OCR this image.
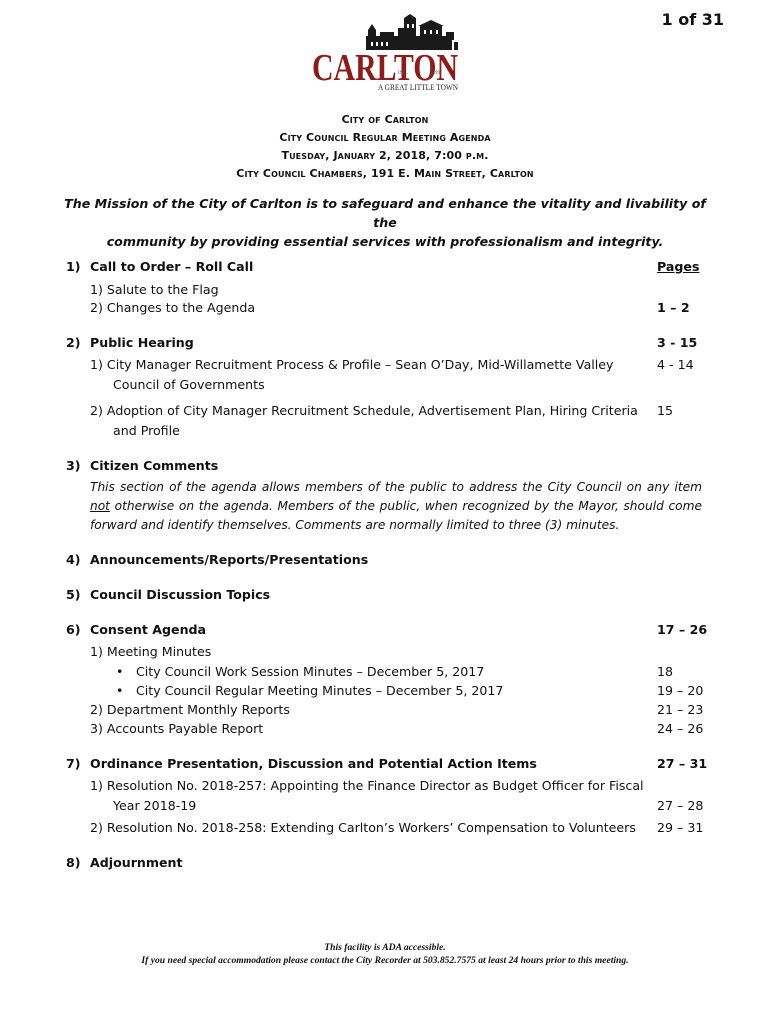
1 of 31
CARLTON
INC.	1899
A GREAT LITTLE TOWN
City of Carlton
City Council Regular Meeting Agenda
Tuesday, January 2, 2018, 7:00 p.m.
City Council Chambers, 191 E. Main Street, Carlton
The Mission of the City of Carlton is to safeguard and enhance the vitality and livability of the
community by providing essential services with professionalism and integrity.
1) Call to Order – Roll Call	Pages
1) Salute to the Flag
2) Changes to the Agenda	1 – 2
2) Public Hearing	3 - 15
1) City Manager Recruitment Process & Profile – Sean O’Day, Mid-Willamette Valley	4 - 14
Council of Governments
2) Adoption of City Manager Recruitment Schedule, Advertisement Plan, Hiring Criteria 15
and Profile
3) Citizen Comments
This section of the agenda allows members of the public to address the City Council on any item not otherwise on the agenda. Members of the public, when recognized by the Mayor, should come forward and identify themselves. Comments are normally limited to three (3) minutes.
4) Announcements/Reports/Presentations
5) Council Discussion Topics
6) Consent Agenda	17 – 26
1) Meeting Minutes
• City Council Work Session Minutes – December 5, 2017	18
• City Council Regular Meeting Minutes – December 5, 2017	19 – 20
2) Department Monthly Reports	21 – 23
3) Accounts Payable Report	24 – 26
7) Ordinance Presentation, Discussion and Potential Action Items	27 – 31
1) Resolution No. 2018-257: Appointing the Finance Director as Budget Officer for Fiscal
Year 2018-19	27 – 28
2) Resolution No. 2018-258: Extending Carlton’s Workers’ Compensation to Volunteers 29 – 31
8) Adjournment
This facility is ADA accessible.
If you need special accommodation please contact the City Recorder at 503.852.7575 at least 24 hours prior to this meeting.
